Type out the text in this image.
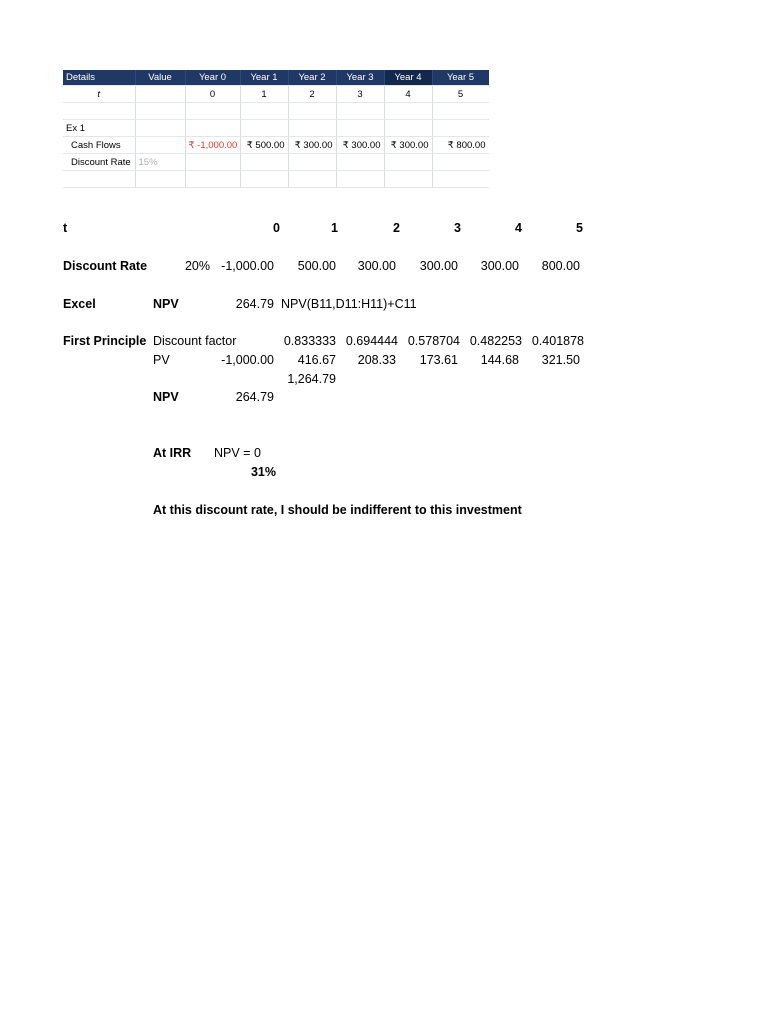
Details	Value	Year 0	Year 1	Year 2	Year 3	Year 4	Year 5
t		0	1	2	3	4	5

Ex 1							
Cash Flows		₹ -1,000.00	₹ 500.00	₹ 300.00	₹ 300.00	₹ 300.00	₹ 800.00
Discount Rate	15%						

t	0	1	2	3	4	5
Discount Rate	20% -1,000.00	500.00	300.00	300.00	300.00	800.00
Excel	NPV	264.79 NPV(B11,D11:H11)+C11
First Principle Discount factor	0.833333 0.694444 0.578704 0.482253 0.401878
PV	-1,000.00	416.67	208.33	173.61	144.68	321.50
1,264.79
NPV	264.79
At IRR NPV = 0
31%
At this discount rate, I should be indifferent to this investment
